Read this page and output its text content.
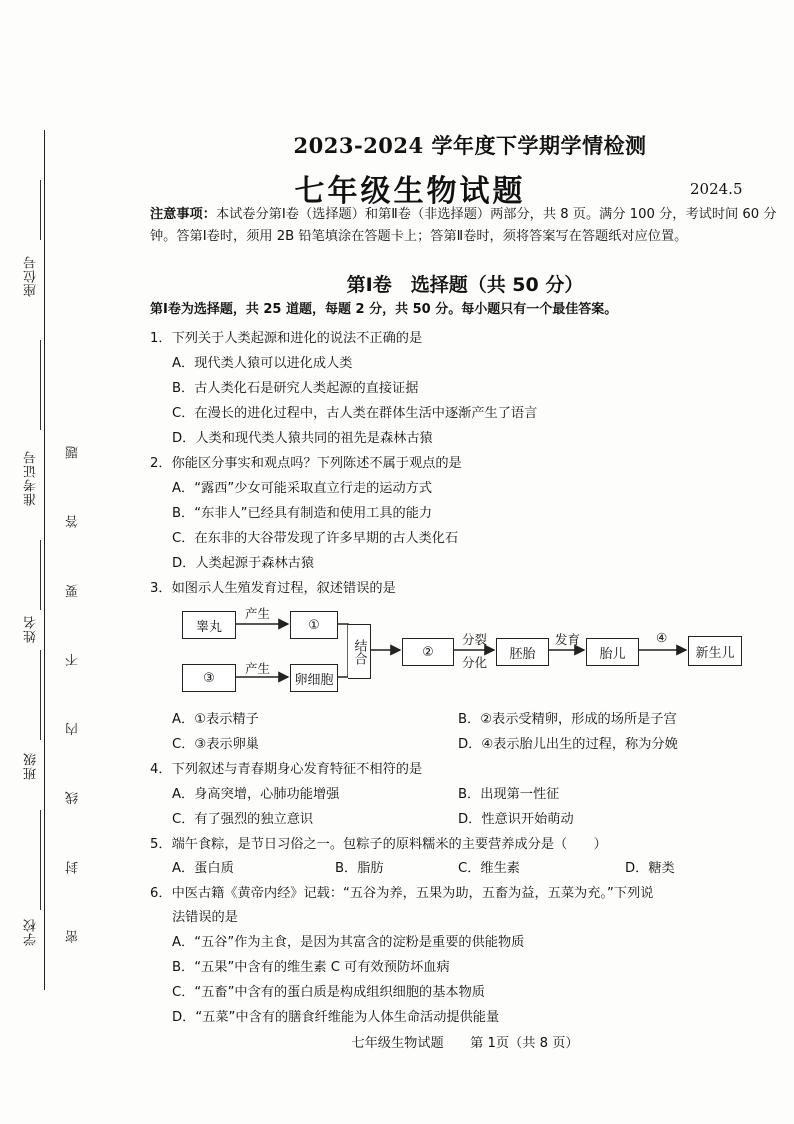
座位号
准考证号
姓名
班级
学校 密 封 线 内 不 要 答 题
2023-2024 学年度下学期学情检测
七年级生物试题	2024.5
注意事项：本试卷分第Ⅰ卷（选择题）和第Ⅱ卷（非选择题）两部分，共 8 页。满分 100 分，考试时间 60 分钟。答第Ⅰ卷时，须用 2B 铅笔填涂在答题卡上；答第Ⅱ卷时，须将答案写在答题纸对应位置。
第Ⅰ卷　选择题（共 50 分）
第Ⅰ卷为选择题，共 25 道题，每题 2 分，共 50 分。每小题只有一个最佳答案。
1．下列关于人类起源和进化的说法不正确的是
A．现代类人猿可以进化成人类
B．古人类化石是研究人类起源的直接证据
C．在漫长的进化过程中，古人类在群体生活中逐渐产生了语言
D．人类和现代类人猿共同的祖先是森林古猿
2．你能区分事实和观点吗？下列陈述不属于观点的是
A．“露西”少女可能采取直立行走的运动方式
B．“东非人”已经具有制造和使用工具的能力
C．在东非的大谷带发现了许多早期的古人类化石
D．人类起源于森林古猿
3．如图示人生殖发育过程，叙述错误的是
睾丸
产生
①
③
产生
卵细胞
结合	②
分裂
分化
胚胎
发育
胎儿
④
新生儿
A．①表示精子	B．②表示受精卵，形成的场所是子宫
C．③表示卵巢	D．④表示胎儿出生的过程，称为分娩
4．下列叙述与青春期身心发育特征不相符的是
A．身高突增，心肺功能增强	B．出现第一性征
C．有了强烈的独立意识	D．性意识开始萌动
5．端午食粽，是节日习俗之一。包粽子的原料糯米的主要营养成分是（　　）
A．蛋白质	B．脂肪	C．维生素	D．糖类
6．中医古籍《黄帝内经》记载：“五谷为养，五果为助，五畜为益，五菜为充。”下列说
法错误的是
A．“五谷”作为主食，是因为其富含的淀粉是重要的供能物质
B．“五果”中含有的维生素 C 可有效预防坏血病
C．“五畜”中含有的蛋白质是构成组织细胞的基本物质
D．“五菜”中含有的膳食纤维能为人体生命活动提供能量
七年级生物试题　　第 1页（共 8 页）
